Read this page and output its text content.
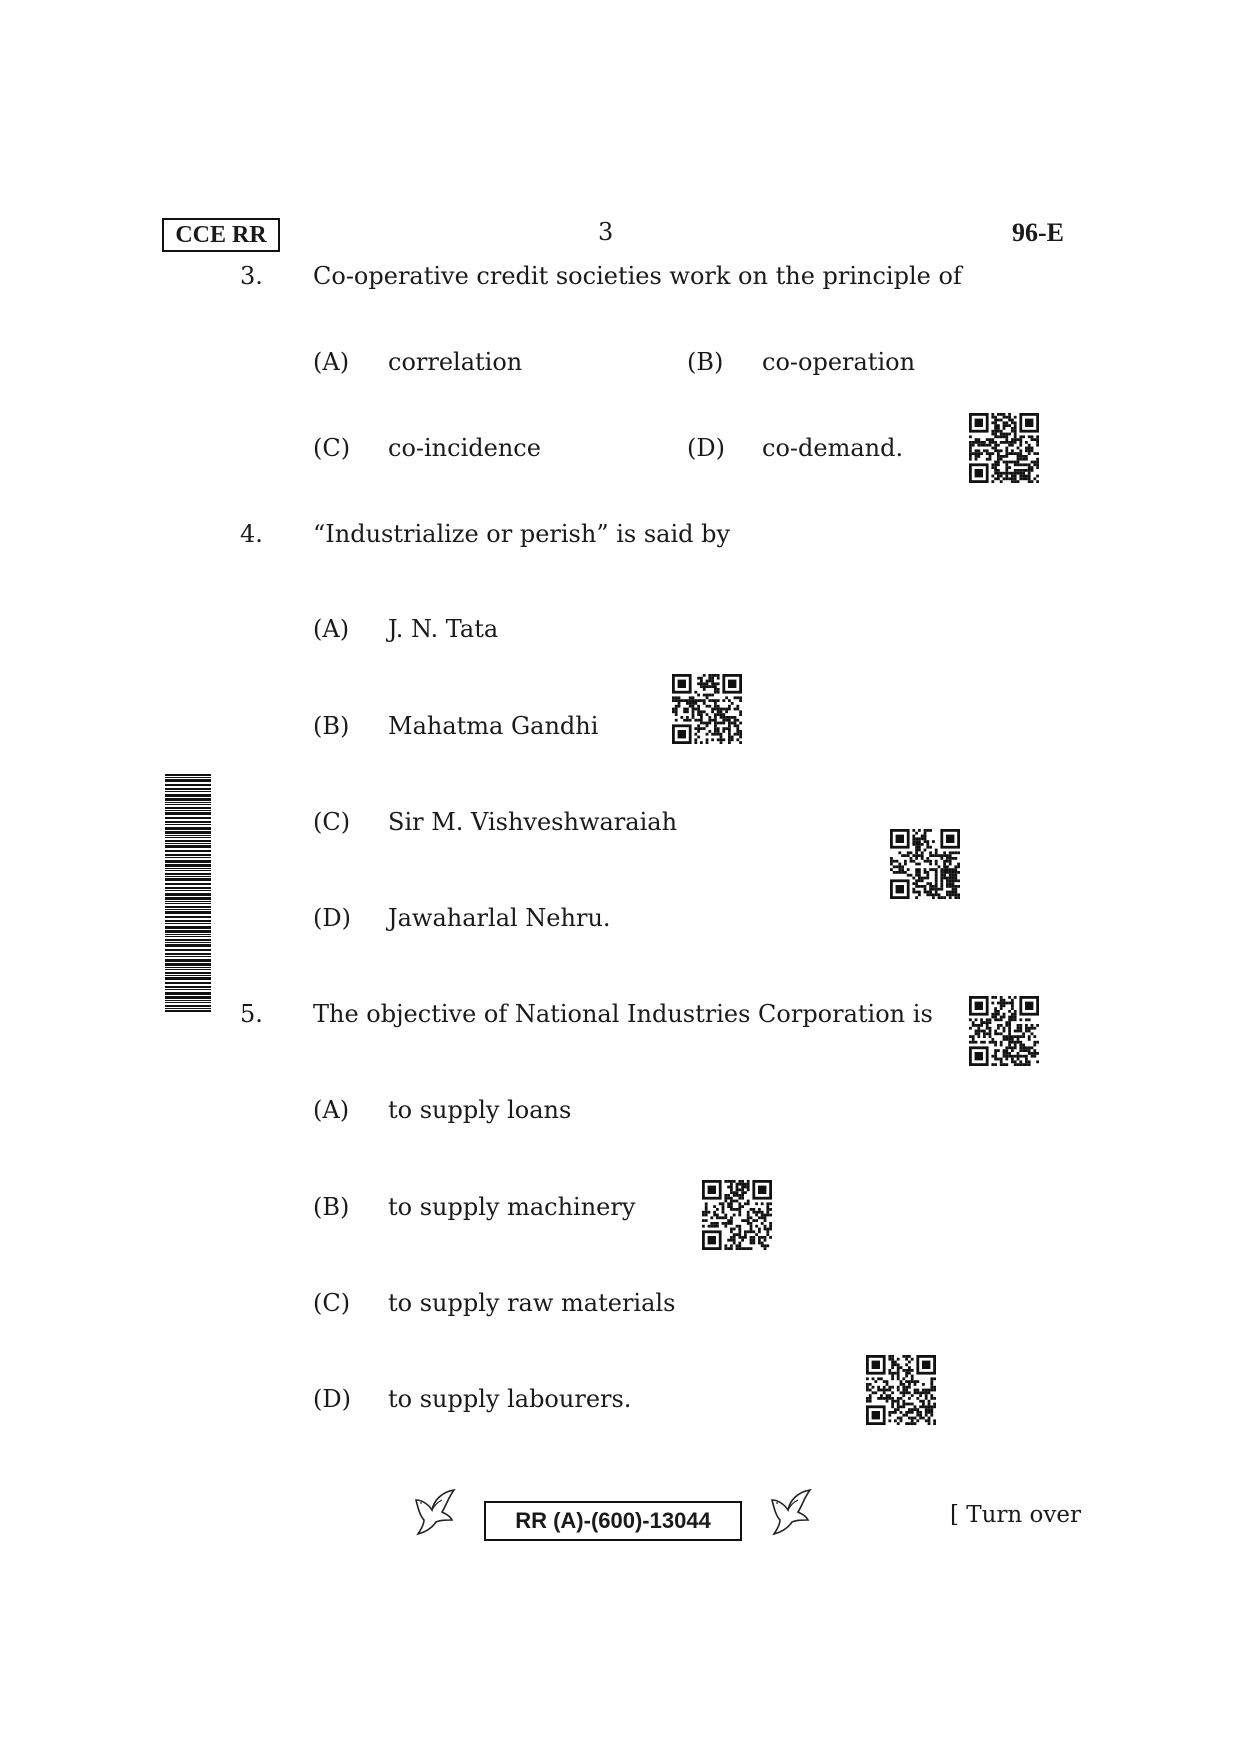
CCE RR	3	96-E
3. Co-operative credit societies work on the principle of
(A) correlation	(B) co-operation
(C) co-incidence	(D) co-demand.
4. “Industrialize or perish” is said by
(A) J. N. Tata
(B) Mahatma Gandhi
(C) Sir M. Vishveshwaraiah
(D) Jawaharlal Nehru.
5. The objective of National Industries Corporation is
(A) to supply loans
(B) to supply machinery
(C) to supply raw materials
(D) to supply labourers.
RR (A)-(600)-13044	[ Turn over
